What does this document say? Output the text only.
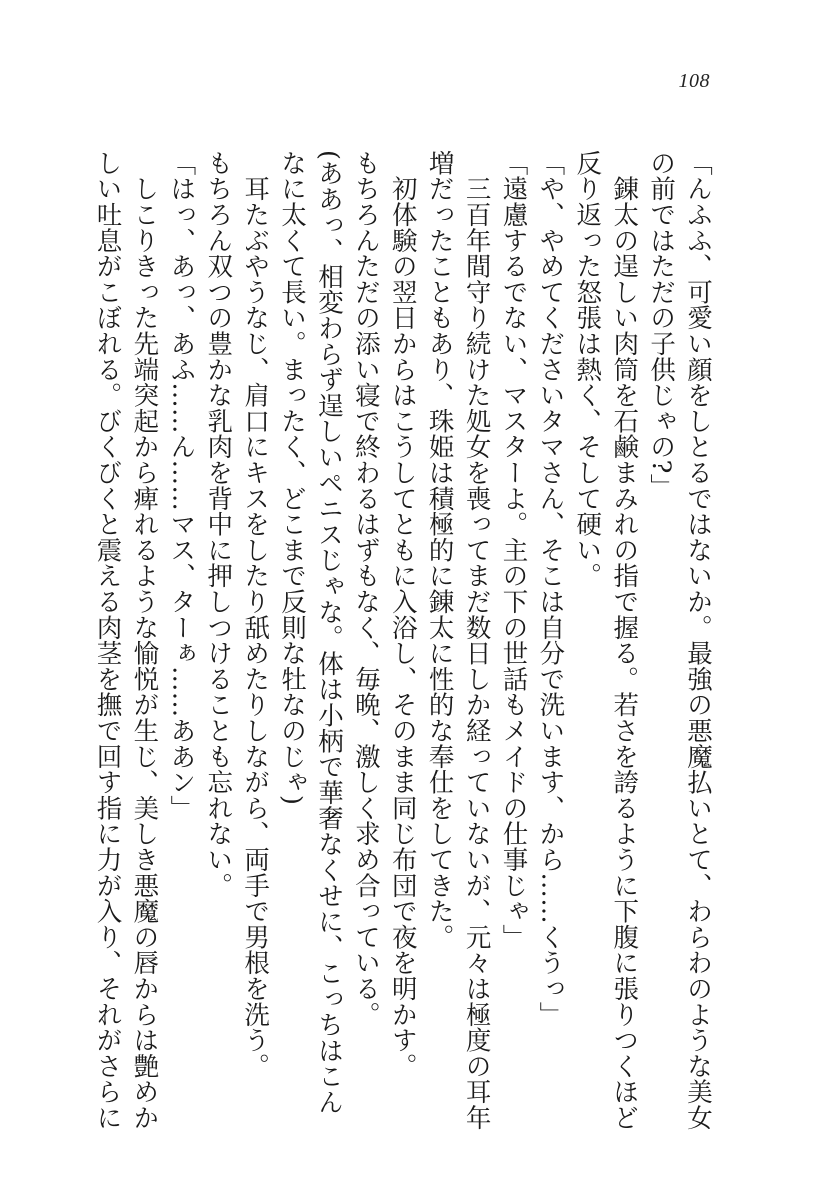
108
「んふふ、可愛い顔をしとるではないか。最強の悪魔払いとて、わらわのような美女
の前ではただの子供じゃの?」
　錬太の逞しい肉筒を石鹸まみれの指で握る。若さを誇るように下腹に張りつくほど
反り返った怒張は熱く、そして硬い。
「や、やめてくださいタマさん、そこは自分で洗います、から……くうっ」
「遠慮するでない、マスターよ。主の下の世話もメイドの仕事じゃ」
　三百年間守り続けた処女を喪ってまだ数日しか経っていないが、元々は極度の耳年
増だったこともあり、珠姫は積極的に錬太に性的な奉仕をしてきた。
　初体験の翌日からはこうしてともに入浴し、そのまま同じ布団で夜を明かす。
もちろんただの添い寝で終わるはずもなく、毎晩、激しく求め合っている。
(ああっ、相変わらず逞しいペニスじゃな。体は小柄で華奢なくせに、こっちはこん
なに太くて長い。まったく、どこまで反則な牡なのじゃ)
　耳たぶやうなじ、肩口にキスをしたり舐めたりしながら、両手で男根を洗う。
もちろん双つの豊かな乳肉を背中に押しつけることも忘れない。
「はっ、あっ、あふ……ん……マス、ターぁ……ああン」
　しこりきった先端突起から痺れるような愉悦が生じ、美しき悪魔の唇からは艶めか
しい吐息がこぼれる。びくびくと震える肉茎を撫で回す指に力が入り、それがさらに
